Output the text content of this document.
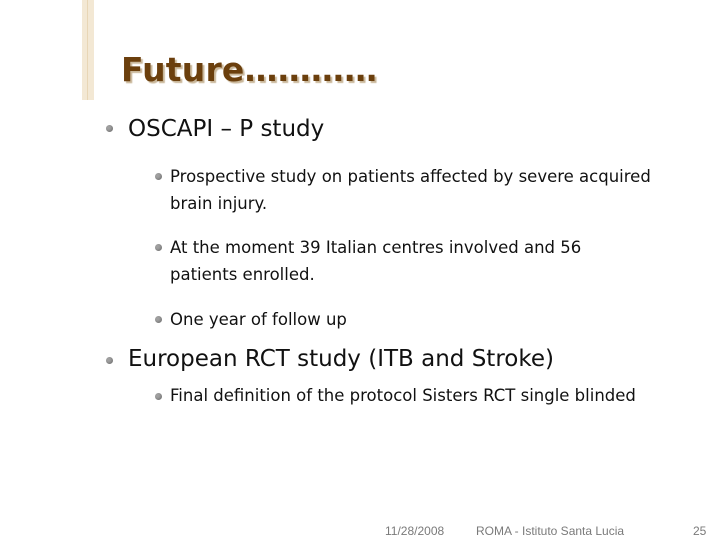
Future…………
OSCAPI – P study
Prospective study on patients affected by severe acquired
brain injury.
At the moment 39 Italian centres involved and 56
patients enrolled.
One year of follow up
European RCT study (ITB and Stroke)
Final definition of the protocol Sisters RCT single blinded
11/28/2008	ROMA - Istituto Santa Lucia	25
